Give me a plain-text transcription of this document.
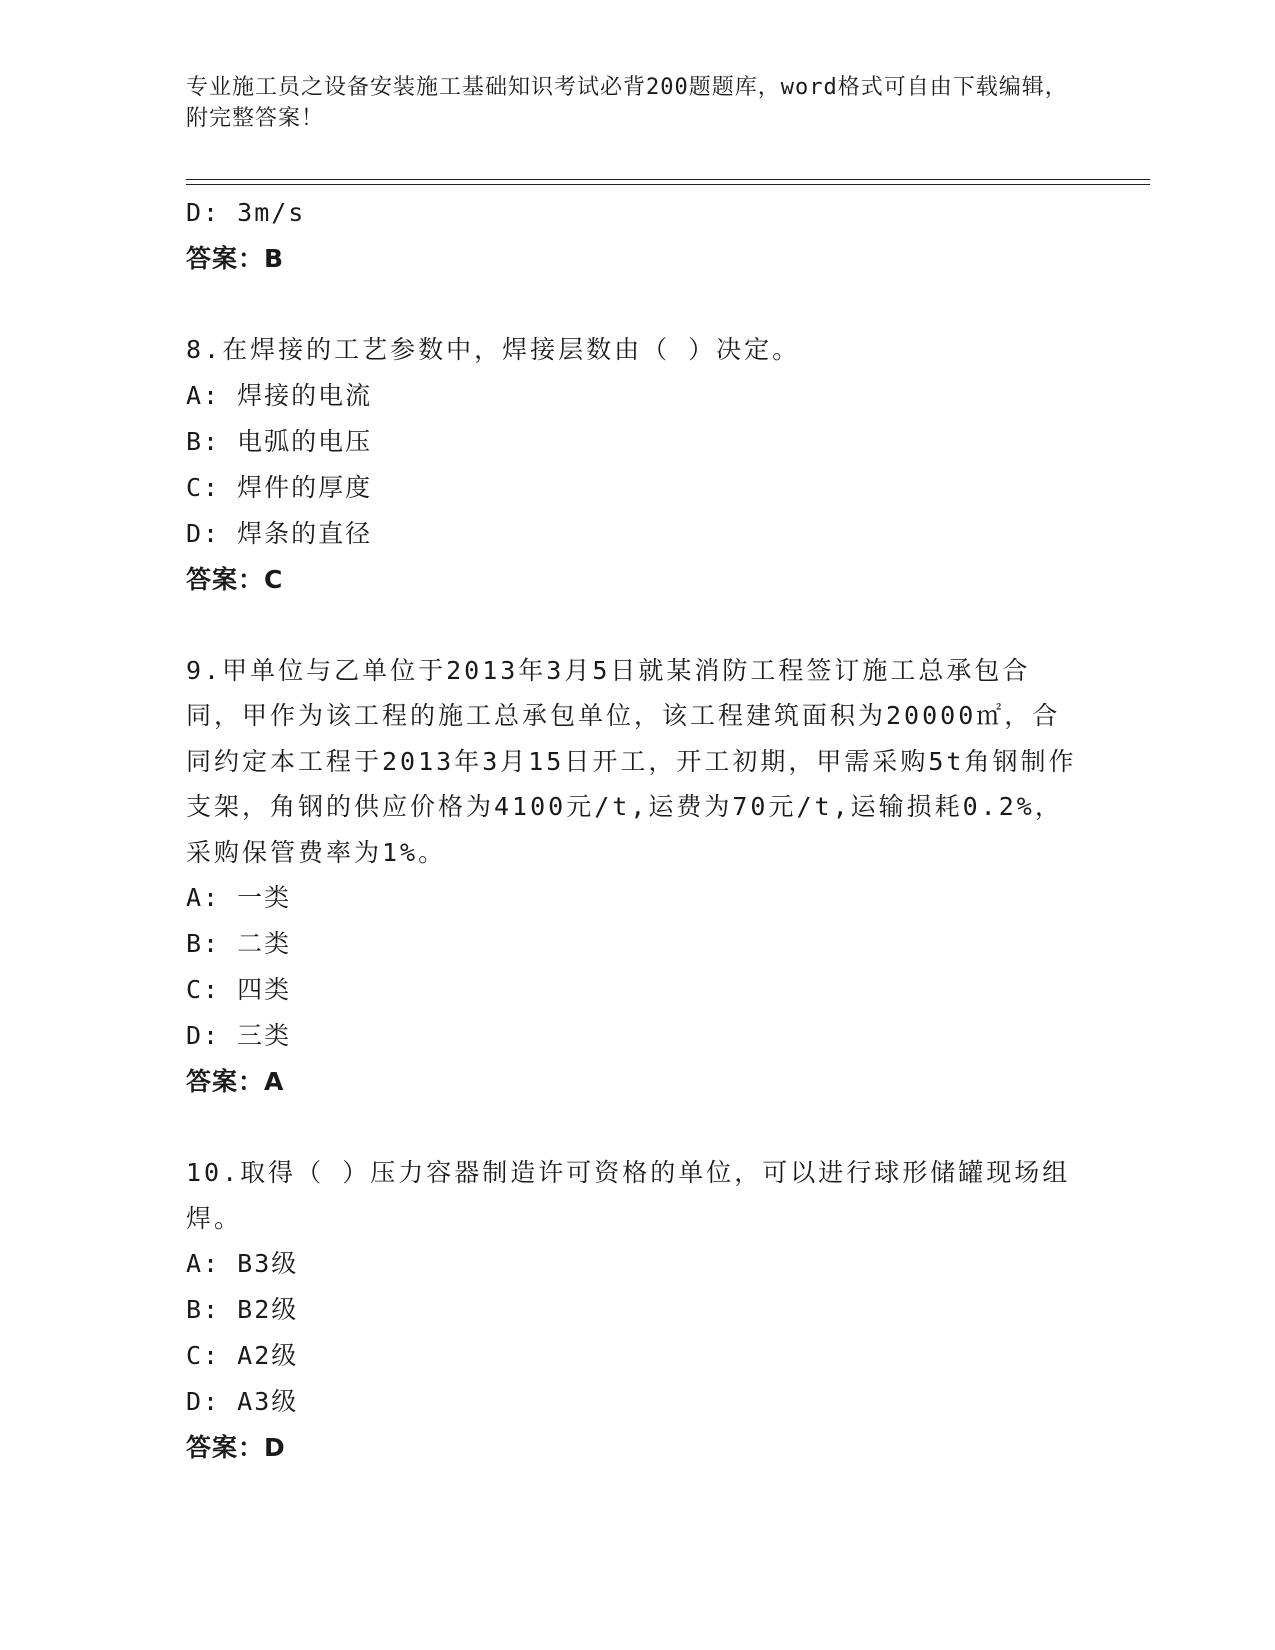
专业施工员之设备安装施工基础知识考试必背200题题库，word格式可自由下载编辑，附完整答案！
D: 3m/s
答案：B
8.在焊接的工艺参数中，焊接层数由（ ）决定。
A: 焊接的电流
B: 电弧的电压
C: 焊件的厚度
D: 焊条的直径
答案：C
9.甲单位与乙单位于2013年3月5日就某消防工程签订施工总承包合同，甲作为该工程的施工总承包单位，该工程建筑面积为20000㎡，合同约定本工程于2013年3月15日开工，开工初期，甲需采购5t角钢制作支架，角钢的供应价格为4100元/t,运费为70元/t,运输损耗0.2%，采购保管费率为1%。
A: 一类
B: 二类
C: 四类
D: 三类
答案：A
10.取得（ ）压力容器制造许可资格的单位，可以进行球形储罐现场组焊。
A: B3级
B: B2级
C: A2级
D: A3级
答案：D
